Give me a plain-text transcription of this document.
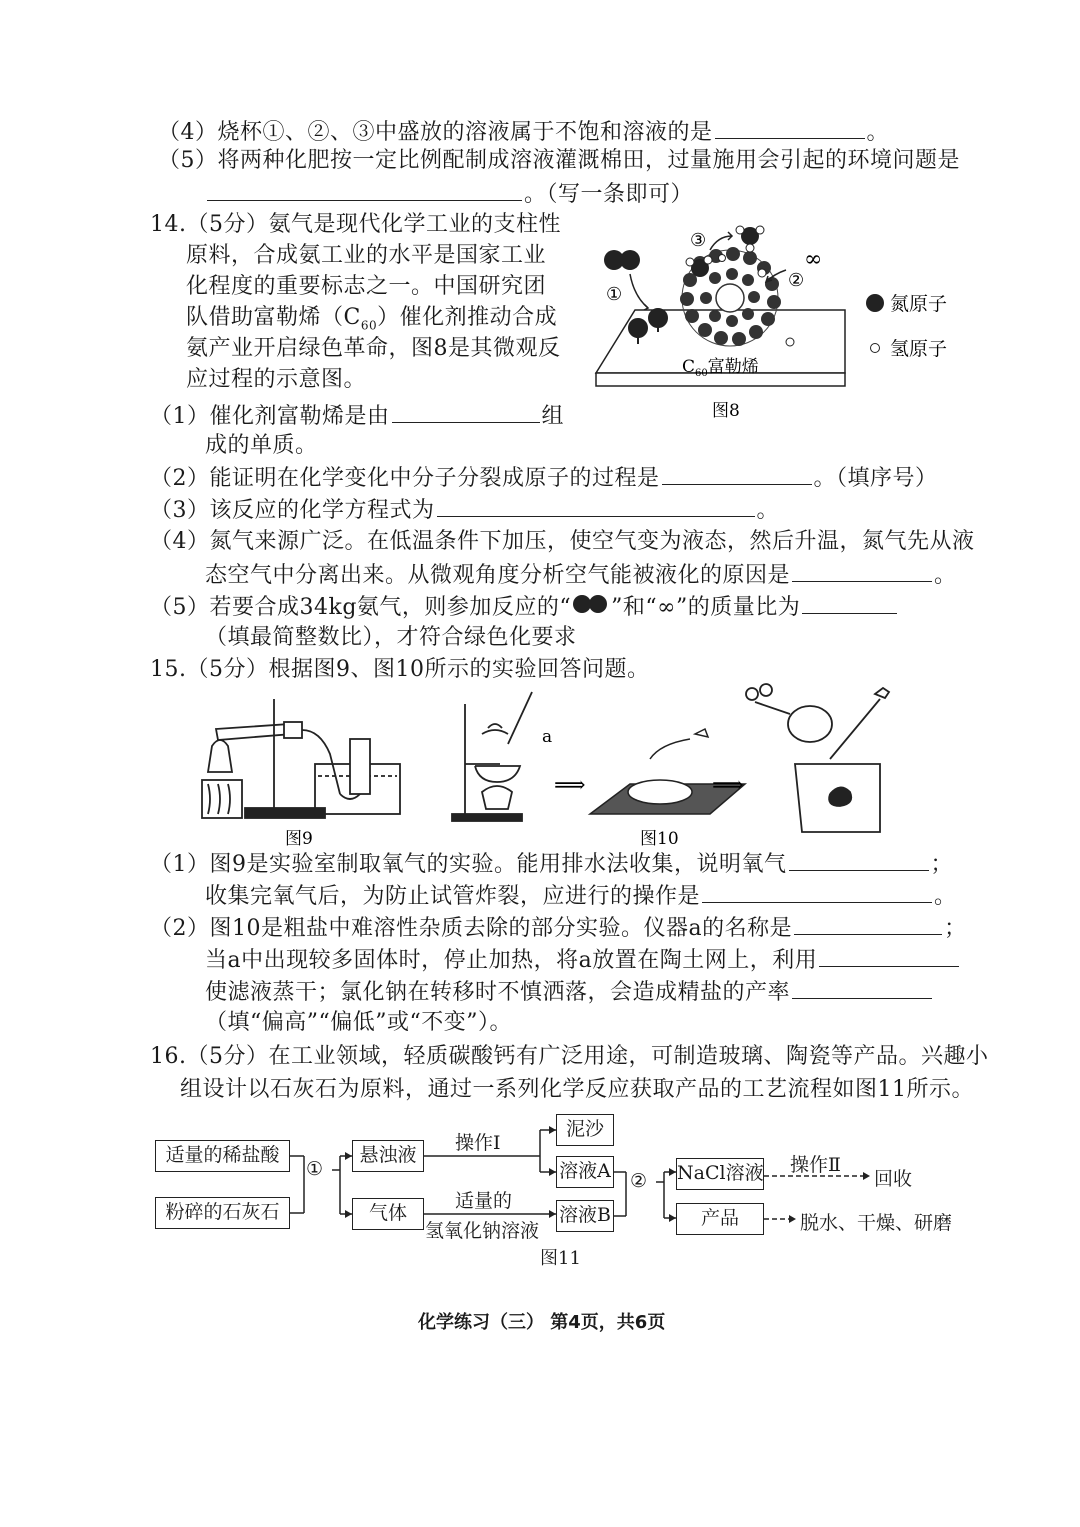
（4）烧杯①、②、③中盛放的溶液属于不饱和溶液的是	。
（5）将两种化肥按一定比例配制成溶液灌溉棉田，过量施用会引起的环境问题是
。（写一条即可）
14.（5分）氨气是现代化学工业的支柱性
原料，合成氨工业的水平是国家工业
化程度的重要标志之一。中国研究团
队借助富勒烯$(C_{60})$催化剂推动合成
氨产业开启绿色革命，图8是其微观反
应过程的示意图。	$C_{60}$富勒烯
①
②
③
∞
氮原子
氢原子
图8
（1）催化剂富勒烯是由	组
成的单质。
（2）能证明在化学变化中分子分裂成原子的过程是	。（填序号）
（3）该反应的化学方程式为	。
（4）氮气来源广泛。在低温条件下加压，使空气变为液态，然后升温，氮气先从液
态空气中分离出来。从微观角度分析空气能被液化的原因是	。
（5）若要合成34kg氨气，则参加反应的“ ”和“∞”的质量比为
（填最简整数比），才符合绿色化要求
15.（5分）根据图9、图10所示的实验回答问题。
图9
a
⟹
图10
⟹
（1）图9是实验室制取氧气的实验。能用排水法收集，说明氧气	；
收集完氧气后，为防止试管炸裂，应进行的操作是	。
（2）图10是粗盐中难溶性杂质去除的部分实验。仪器a的名称是	；
当a中出现较多固体时，停止加热，将a放置在陶土网上，利用
使滤液蒸干；氯化钠在转移时不慎洒落，会造成精盐的产率
（填“偏高”“偏低”或“不变”）。
16.（5分）在工业领域，轻质碳酸钙有广泛用途，可制造玻璃、陶瓷等产品。兴趣小
组设计以石灰石为原料，通过一系列化学反应获取产品的工艺流程如图11所示。
适量的稀盐酸
粉碎的石灰石
①
悬浊液
气体
操作Ⅰ
适量的
氢氧化钠溶液
泥沙
溶液A
溶液B
② NaCl溶液
产品
操作Ⅱ
回收
脱水、干燥、研磨
图11
化学练习（三） 第4页，共6页
